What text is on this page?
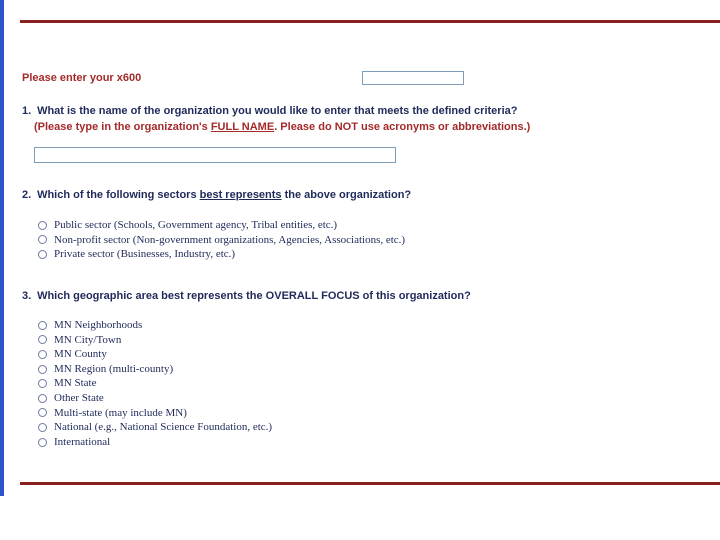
Please enter your x600
1. What is the name of the organization you would like to enter that meets the defined criteria?
(Please type in the organization's FULL NAME. Please do NOT use acronyms or abbreviations.)
2. Which of the following sectors best represents the above organization?
Public sector (Schools, Government agency, Tribal entities, etc.)
Non-profit sector (Non-government organizations, Agencies, Associations, etc.)
Private sector (Businesses, Industry, etc.)
3. Which geographic area best represents the OVERALL FOCUS of this organization?
MN Neighborhoods
MN City/Town
MN County
MN Region (multi-county)
MN State
Other State
Multi-state (may include MN)
National (e.g., National Science Foundation, etc.)
International
